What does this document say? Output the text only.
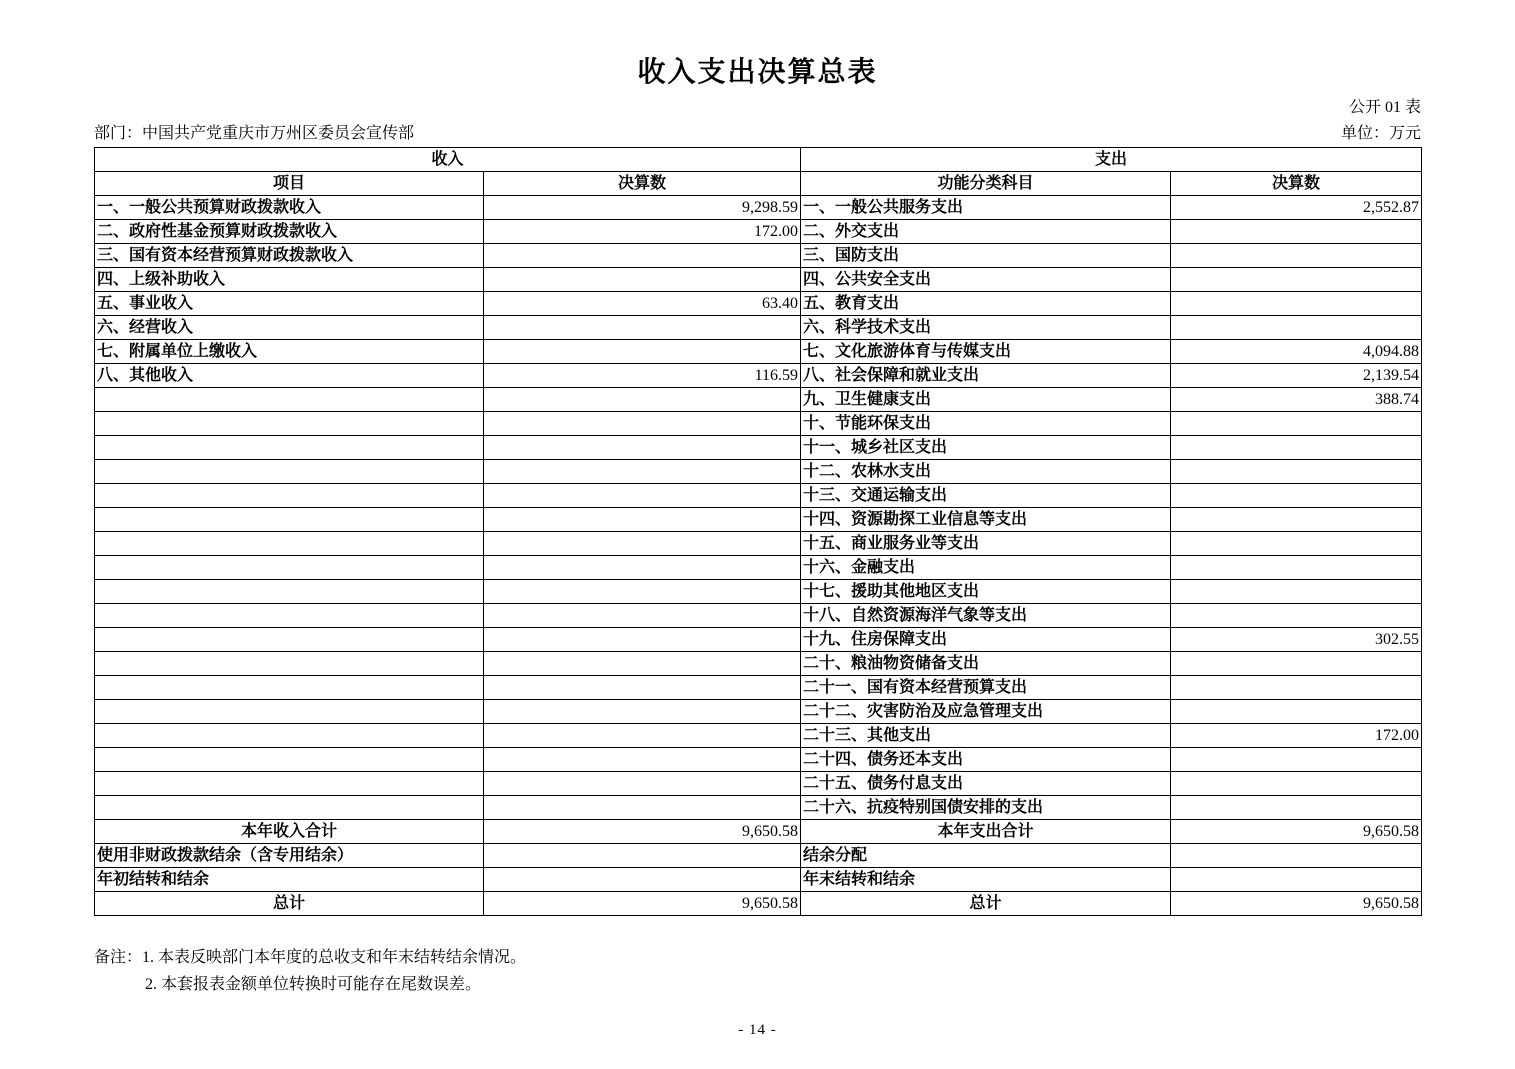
收入支出决算总表
公开 01 表
部门：中国共产党重庆市万州区委员会宣传部	单位：万元
收入		支出	
项目	决算数	功能分类科目	决算数
一、一般公共预算财政拨款收入	9,298.59	一、一般公共服务支出	2,552.87
二、政府性基金预算财政拨款收入	172.00	二、外交支出	
三、国有资本经营预算财政拨款收入		三、国防支出	
四、上级补助收入		四、公共安全支出	
五、事业收入	63.40	五、教育支出	
六、经营收入		六、科学技术支出	
七、附属单位上缴收入		七、文化旅游体育与传媒支出	4,094.88
八、其他收入	116.59	八、社会保障和就业支出	2,139.54
		九、卫生健康支出	388.74
		十、节能环保支出	
		十一、城乡社区支出	
		十二、农林水支出	
		十三、交通运输支出	
		十四、资源勘探工业信息等支出	
		十五、商业服务业等支出	
		十六、金融支出	
		十七、援助其他地区支出	
		十八、自然资源海洋气象等支出	
		十九、住房保障支出	302.55
		二十、粮油物资储备支出	
		二十一、国有资本经营预算支出	
		二十二、灾害防治及应急管理支出	
		二十三、其他支出	172.00
		二十四、债务还本支出	
		二十五、债务付息支出	
		二十六、抗疫特别国债安排的支出	
本年收入合计	9,650.58	本年支出合计	9,650.58
使用非财政拨款结余（含专用结余）		结余分配	
年初结转和结余		年末结转和结余	
总计	9,650.58	总计	9,650.58
备注：1. 本表反映部门本年度的总收支和年末结转结余情况。
2. 本套报表金额单位转换时可能存在尾数误差。
- 14 -
